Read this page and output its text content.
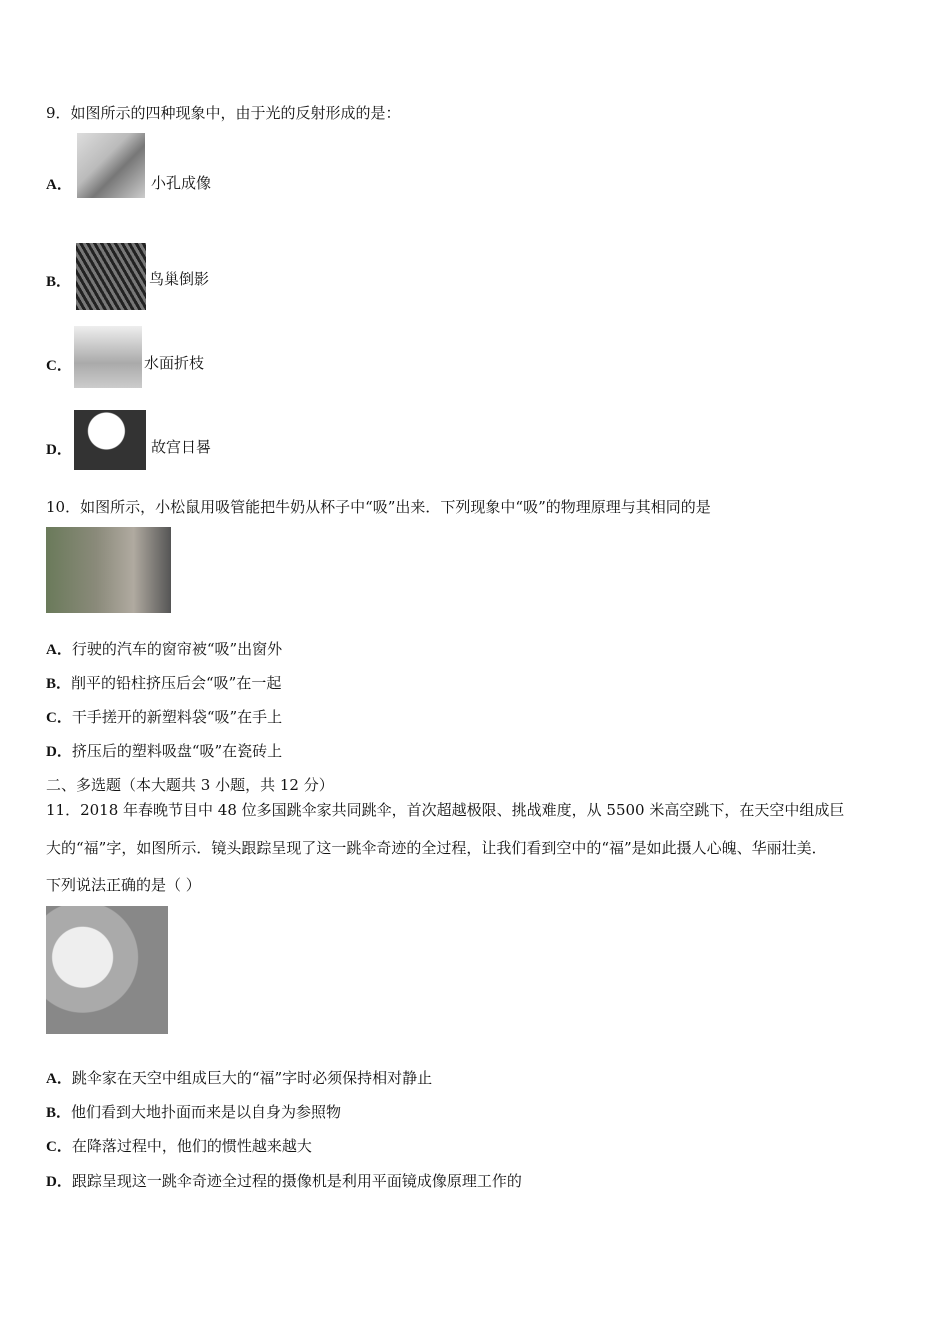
9．如图所示的四种现象中，由于光的反射形成的是：
A．	小孔成像
B．	鸟巢倒影
C．	水面折枝
D．	故宫日晷
10．如图所示，小松鼠用吸管能把牛奶从杯子中“吸”出来．下列现象中“吸”的物理原理与其相同的是
A．行驶的汽车的窗帘被“吸”出窗外
B．削平的铅柱挤压后会“吸”在一起
C．干手搓开的新塑料袋“吸”在手上
D．挤压后的塑料吸盘“吸”在瓷砖上
二、多选题（本大题共 3 小题，共 12 分）
11．2018 年春晚节目中 48 位多国跳伞家共同跳伞，首次超越极限、挑战难度，从 5500 米高空跳下，在天空中组成巨
大的“福”字，如图所示．镜头跟踪呈现了这一跳伞奇迹的全过程，让我们看到空中的“福”是如此摄人心魄、华丽壮美．
下列说法正确的是（ ）
A．跳伞家在天空中组成巨大的“福”字时必须保持相对静止
B．他们看到大地扑面而来是以自身为参照物
C．在降落过程中，他们的惯性越来越大
D．跟踪呈现这一跳伞奇迹全过程的摄像机是利用平面镜成像原理工作的
